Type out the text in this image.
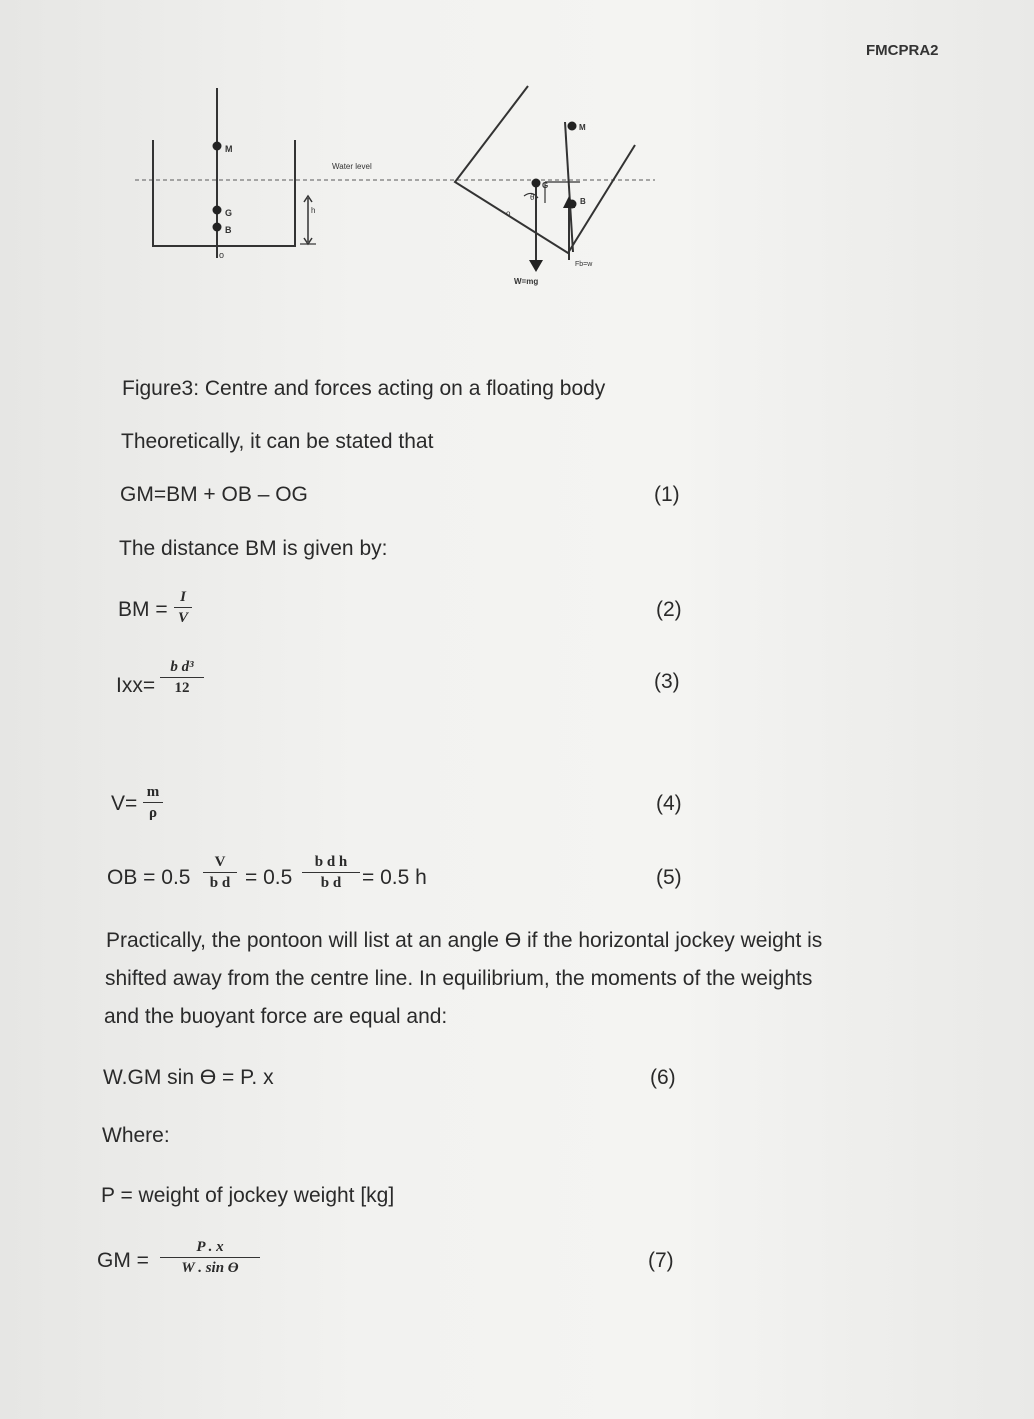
FMCPRA2
M
G
B
o
h
Water level
M
G
B
θ
o
W=mg
Fb=w
Figure3: Centre and forces acting on a floating body
Theoretically, it can be stated that
GM=BM + OB – OG	(1)
The distance BM is given by:
BM =
I
V	(2)
Ixx=
b d³
12	(3)
V= m
ρ	(4)
OB = 0.5
V
b d = 0.5
b d h
b d = 0.5 h	(5)
Practically, the pontoon will list at an angle ϴ if the horizontal jockey weight is
shifted away from the centre line. In equilibrium, the moments of the weights
and the buoyant force are equal and:
W.GM sin ϴ = P. x	(6)
Where:
P = weight of jockey weight [kg]
GM =
P . x
W . sin ϴ	(7)
